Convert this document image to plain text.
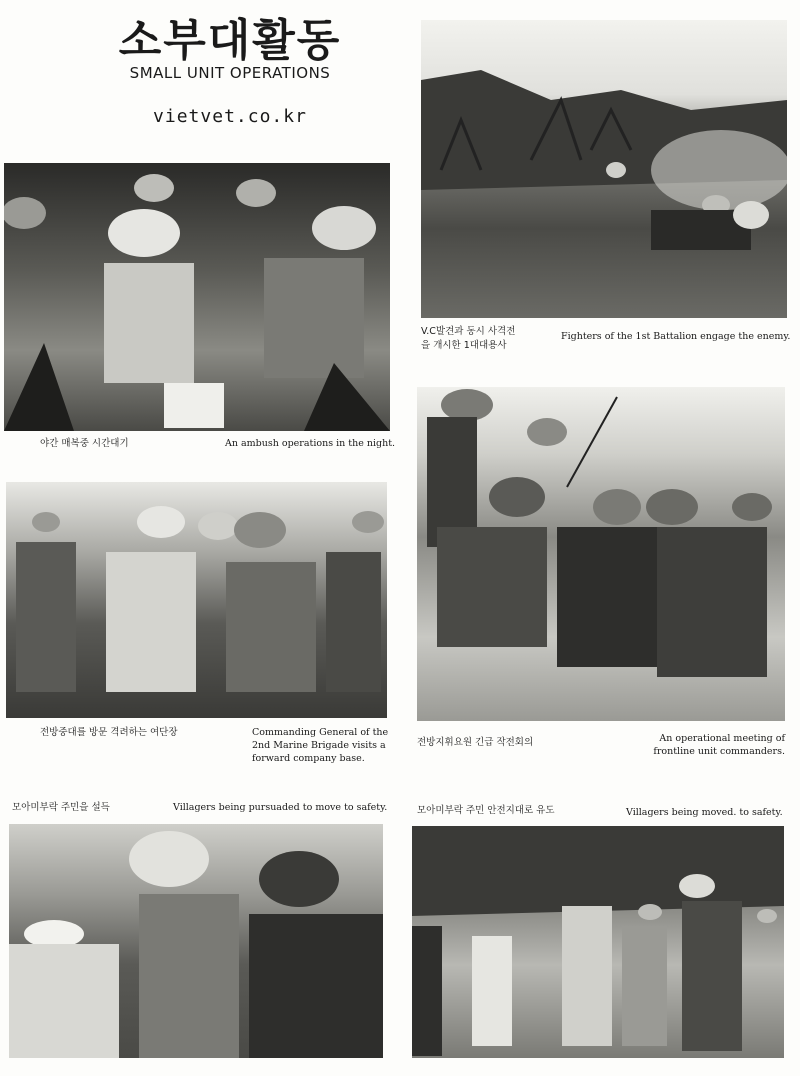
소부대활동
SMALL UNIT OPERATIONS
vietvet.co.kr
야간 매복중 시간대기	An ambush operations in the night.
V.C발견과 동시 사격전
을 개시한 1대대용사
Fighters of the 1st Battalion engage the enemy.
전방중대를 방문 격려하는 여단장	Commanding General of the
2nd Marine Brigade visits a
forward company base.
전방지휘요원 긴급 작전회의	An operational meeting of
frontline unit commanders.
모아미부락 주민을 설득	Villagers being pursuaded to move to safety.	모아미부락 주민 안전지대로 유도	Villagers being moved. to safety.
